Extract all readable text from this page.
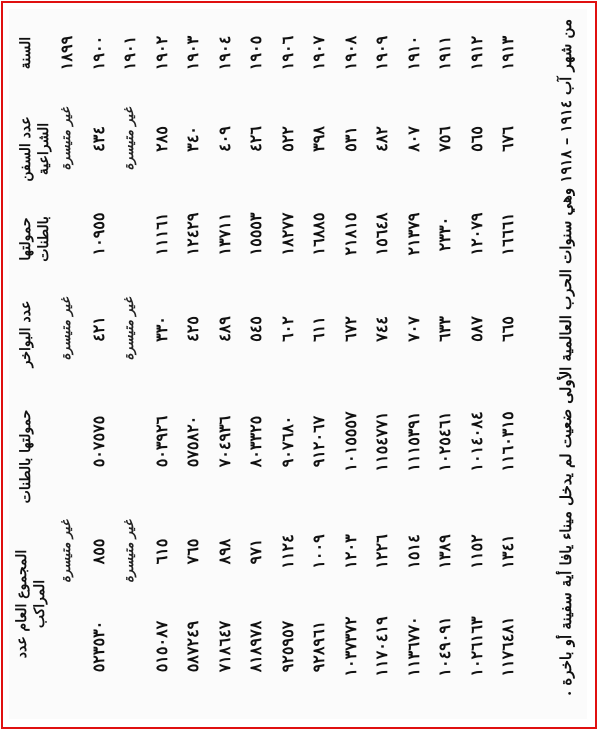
السنة
عدد السفن الشراعية
حمولتها بالطنات
عدد البواخر
حمولتها بالطنات
المجموع العام عدد المراكب
١٨٩٩
غير متيسرة
غير متيسرة
غير متيسرة
١٩٠٠
٤٣٤
١٠٩٥٥
٤٢١
٥٠٧٥٧٥
٨٥٥
٥٢٣٥٣٠
١٩٠١
غير متيسرة
غير متيسرة
غير متيسرة
١٩٠٢
٢٨٥
١١١٦١
٣٣٠
٥٠٣٩٢٦
٦١٥
٥١٥٠٨٧
١٩٠٣
٣٤٠
١٢٤٢٩
٤٢٥
٥٧٥٨٢٠
٧٦٥
٥٨٧٢٤٩
١٩٠٤
٤٠٩
١٣٧١١
٤٨٩
٧٠٤٩٣٦
٨٩٨
٧١٨٦٤٧
١٩٠٥
٤٢٦
١٥٥٥٣
٥٤٥
٨٠٣٣٢٥
٩٧١
٨١٨٩٧٨
١٩٠٦
٥٢٢
١٨٢٧٧
٦٠٢
٩٠٧٦٨٠
١١٢٤
٩٢٥٩٥٧
١٩٠٧
٣٩٨
١٦٨٨٥
٦١١
٩١٢٠٦٧
١٠٠٩
٩٢٨٩٦١
١٩٠٨
٥٣١
٢١٨١٥
٦٧٢
١٠١٥٥٥٧
١٢٠٣
١٠٣٧٣٧٢
١٩٠٩
٤٨٢
١٥٦٤٨
٧٤٤
١١٥٤٧٧١
١٢٢٦
١١٧٠٤١٩
١٩١٠
٨٠٧
٢١٣٧٩
٧٠٧
١١١٥٣٩١
١٥١٤
١١٣٦٧٧٠
١٩١١
٧٥٦
٢٣٣٠
٦٣٣
١٠٢٥٤٦١
١٣٨٩
١٠٤٩٠٩١
١٩١٢
٥٦٥
١٢٠٧٩
٥٨٧
١٠١٤٠٨٤
١١٥٢
١٠٢٦١٦٣
١٩١٣
٦٧٦
١٦٦٦١
٦٦٥
١١٦٠٣١٥
١٣٤١
١١٧٦٤٨١	من شهر آب ١٩١٤ – ١٩١٨ وهي سنوات الحرب العالمية الأولى ضعيت لم يدخل ميناء يافا أية سفينة أو باخرة .
